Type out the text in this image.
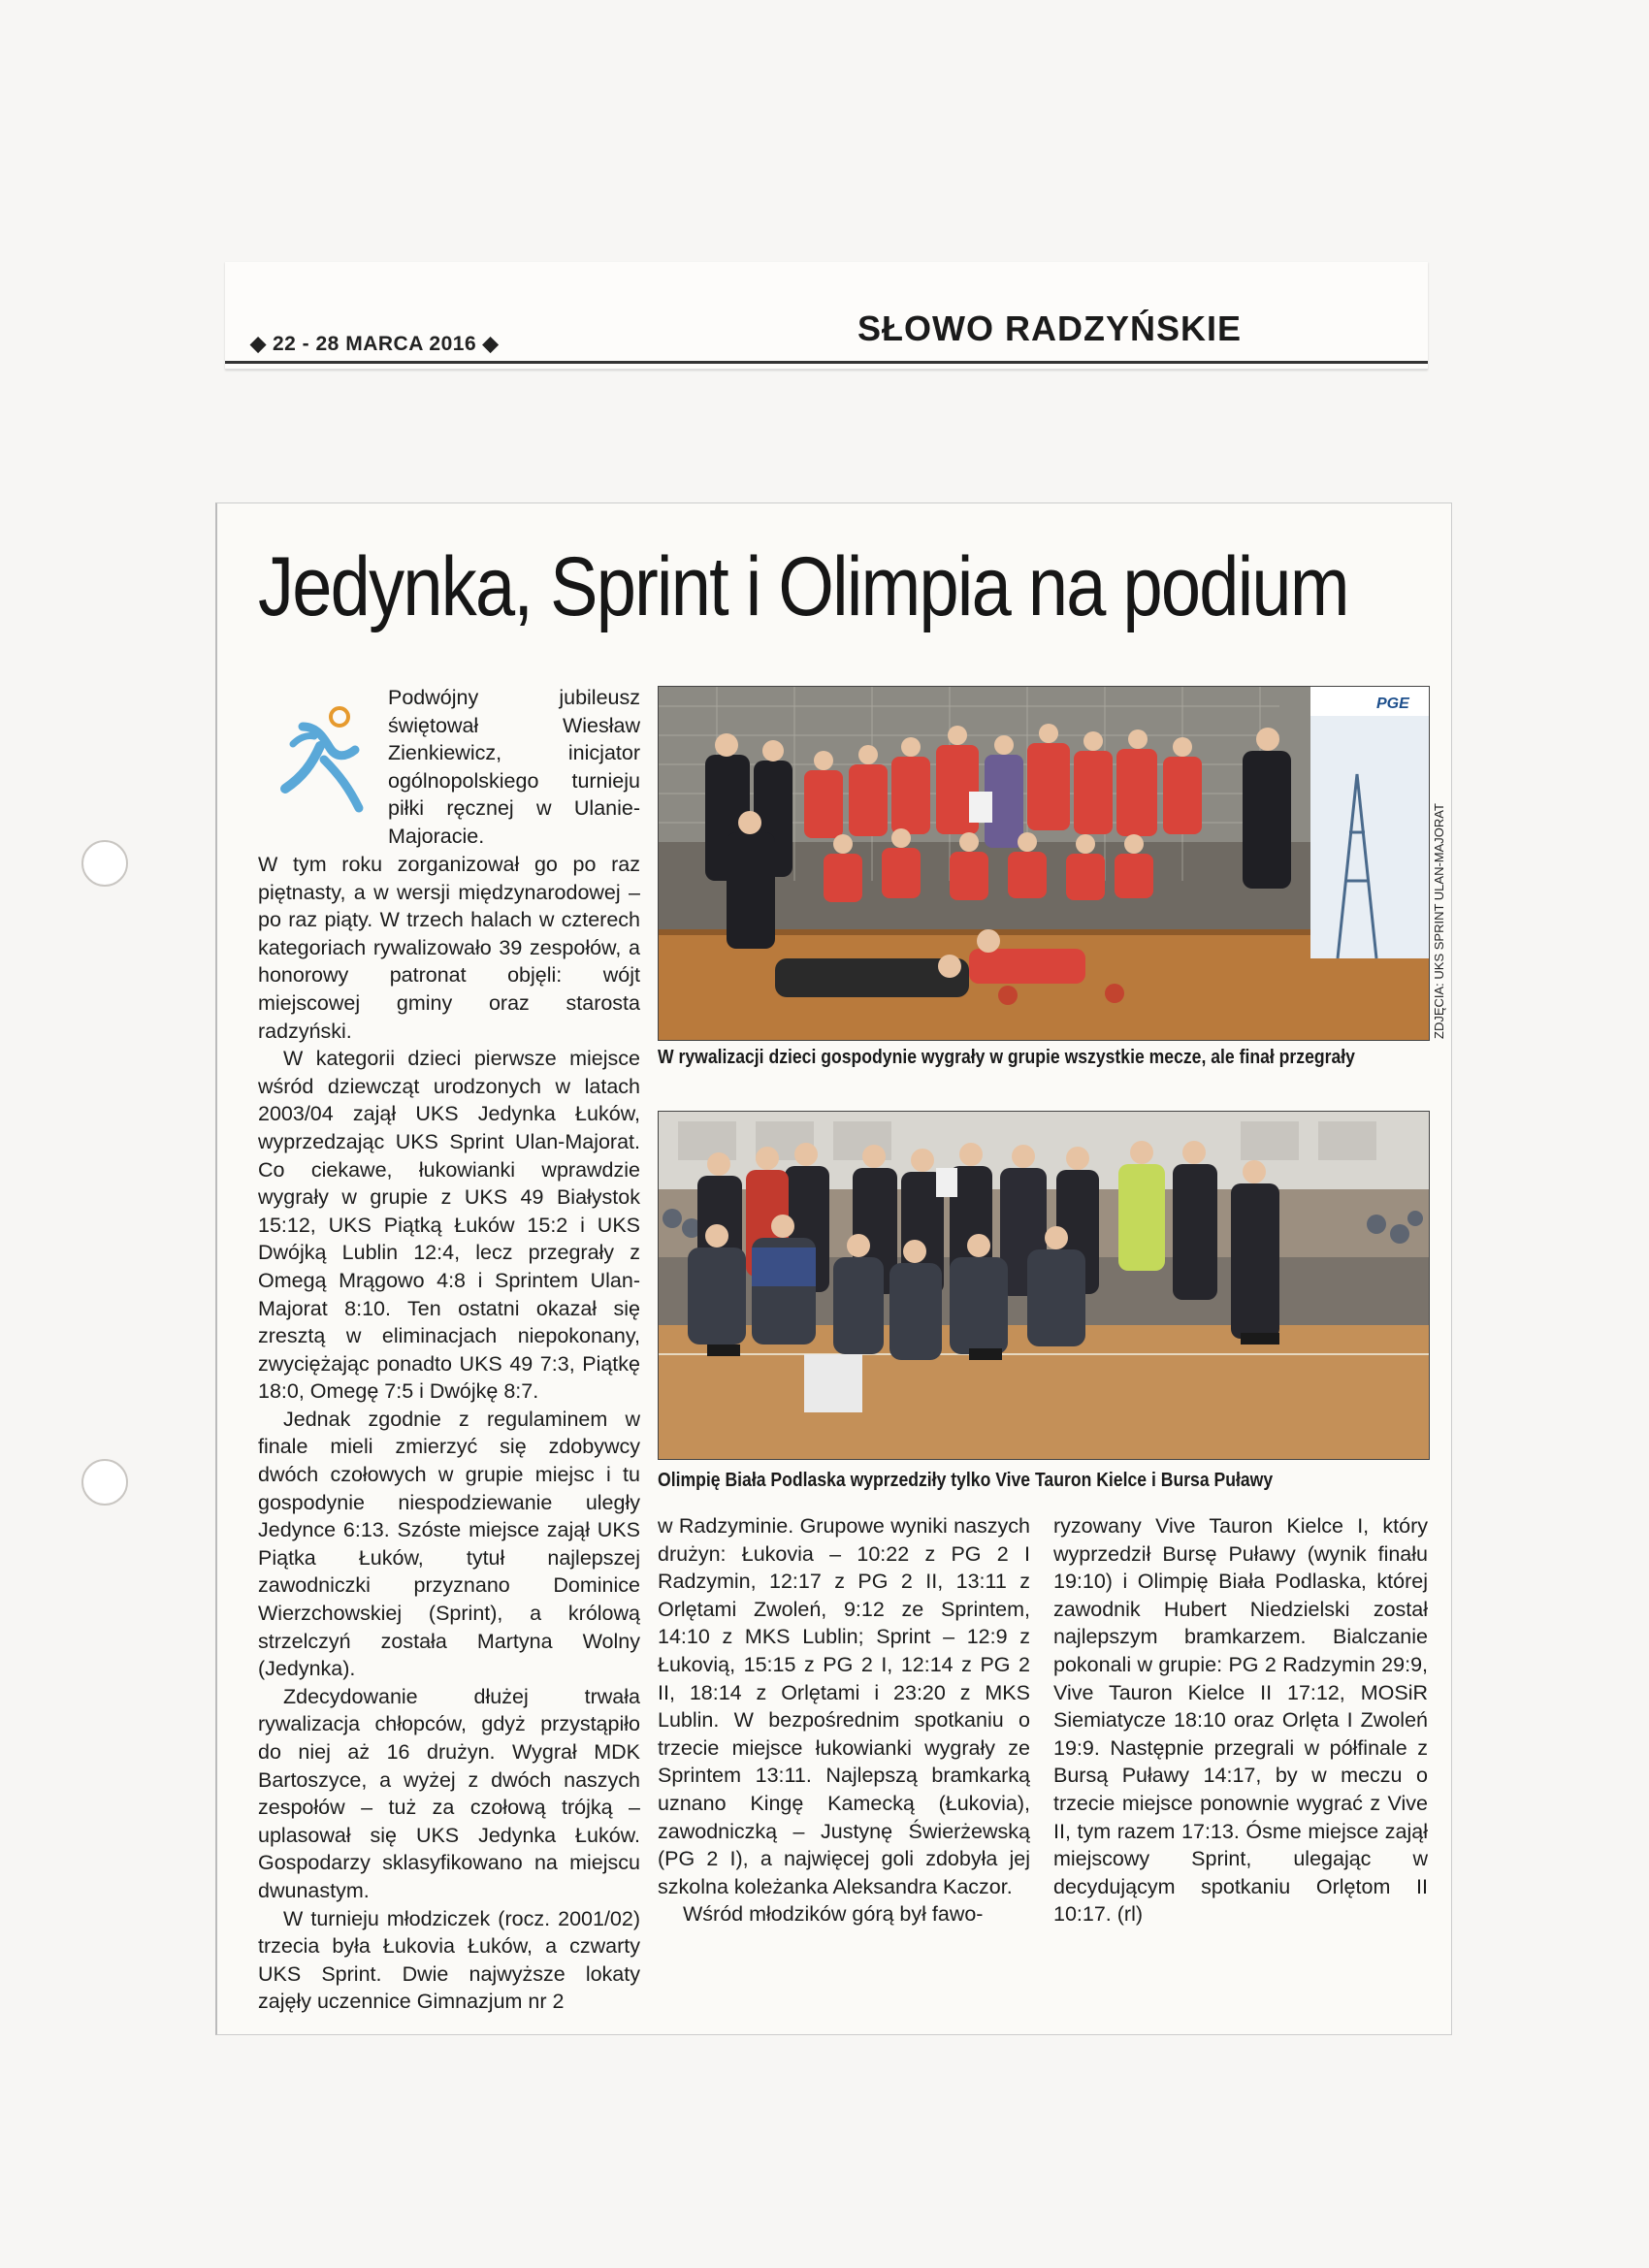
◆ 22 - 28 MARCA 2016 ◆	SŁOWO RADZYŃSKIE
Jedynka, Sprint i Olimpia na podium
Podwójny jubileusz świętował Wiesław Zienkiewicz, inicjator ogólnopolskiego turnieju piłki ręcznej w Ulanie-Majoracie.

W tym roku zorganizował go po raz piętnasty, a w wersji międzynarodowej – po raz piąty. W trzech halach w czterech kategoriach rywalizowało 39 zespołów, a honorowy patronat objęli: wójt miejscowej gminy oraz starosta radzyński.

W kategorii dzieci pierwsze miejsce wśród dziewcząt urodzonych w latach 2003/04 zajął UKS Jedynka Łuków, wyprzedzając UKS Sprint Ulan-Majorat. Co ciekawe, łukowianki wprawdzie wygrały w grupie z UKS 49 Białystok 15:12, UKS Piątką Łuków 15:2 i UKS Dwójką Lublin 12:4, lecz przegrały z Omegą Mrągowo 4:8 i Sprintem Ulan-Majorat 8:10. Ten ostatni okazał się zresztą w eliminacjach niepokonany, zwyciężając ponadto UKS 49 7:3, Piątkę 18:0, Omegę 7:5 i Dwójkę 8:7.

Jednak zgodnie z regulaminem w finale mieli zmierzyć się zdobywcy dwóch czołowych w grupie miejsc i tu gospodynie niespodziewanie uległy Jedynce 6:13. Szóste miejsce zajął UKS Piątka Łuków, tytuł najlepszej zawodniczki przyznano Dominice Wierzchowskiej (Sprint), a królową strzelczyń została Martyna Wolny (Jedynka).

Zdecydowanie dłużej trwała rywalizacja chłopców, gdyż przystąpiło do niej aż 16 drużyn. Wygrał MDK Bartoszyce, a wyżej z dwóch naszych zespołów – tuż za czołową trójką – uplasował się UKS Jedynka Łuków. Gospodarzy sklasyfikowano na miejscu dwunastym.

W turnieju młodziczek (rocz. 2001/02) trzecia była Łukovia Łuków, a czwarty UKS Sprint. Dwie najwyższe lokaty zajęły uczennice Gimnazjum nr 2

PGE
ZDJĘCIA: UKS SPRINT ULAN-MAJORAT
W rywalizacji dzieci gospodynie wygrały w grupie wszystkie mecze, ale finał przegrały
Olimpię Biała Podlaska wyprzedziły tylko Vive Tauron Kielce i Bursa Puławy

w Radzyminie. Grupowe wyniki naszych drużyn: Łukovia – 10:22 z PG 2 I Radzymin, 12:17 z PG 2 II, 13:11 z Orlętami Zwoleń, 9:12 ze Sprintem, 14:10 z MKS Lublin; Sprint – 12:9 z Łukovią, 15:15 z PG 2 I, 12:14 z PG 2 II, 18:14 z Orlętami i 23:20 z MKS Lublin. W bezpośrednim spotkaniu o trzecie miejsce łukowianki wygrały ze Sprintem 13:11. Najlepszą bramkarką uznano Kingę Kamecką (Łukovia), zawodniczką – Justynę Świerżewską (PG 2 I), a najwięcej goli zdobyła jej szkolna koleżanka Aleksandra Kaczor.

Wśród młodzików górą był fawo-

ryzowany Vive Tauron Kielce I, który wyprzedził Bursę Puławy (wynik finału 19:10) i Olimpię Biała Podlaska, której zawodnik Hubert Niedzielski został najlepszym bramkarzem. Bialczanie pokonali w grupie: PG 2 Radzymin 29:9, Vive Tauron Kielce II 17:12, MOSiR Siemiatycze 18:10 oraz Orlęta I Zwoleń 19:9. Następnie przegrali w półfinale z Bursą Puławy 14:17, by w meczu o trzecie miejsce ponownie wygrać z Vive II, tym razem 17:13. Ósme miejsce zajął miejscowy Sprint, ulegając w decydującym spotkaniu Orlętom II 10:17. (rl)
